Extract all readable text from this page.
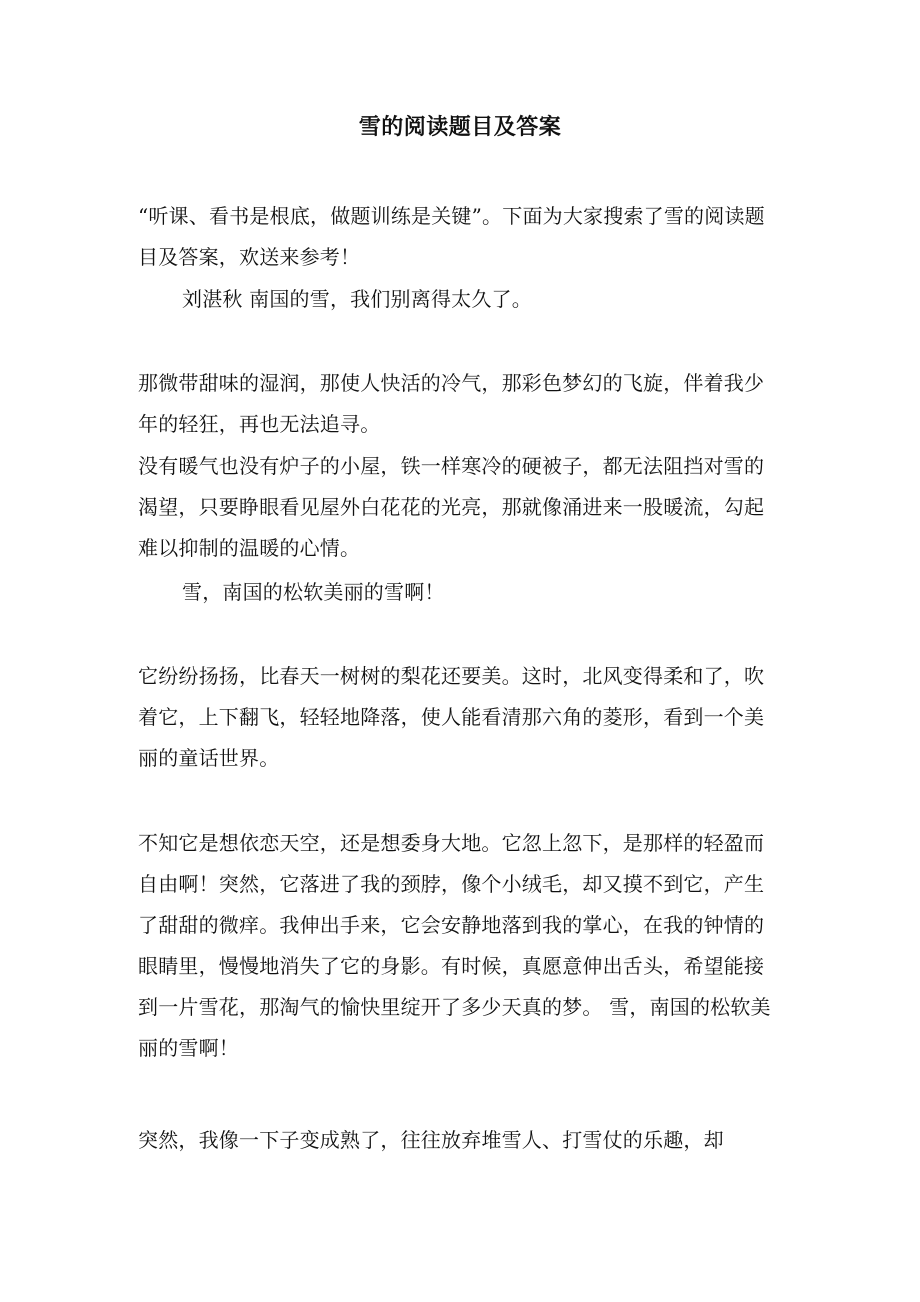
雪的阅读题目及答案

“听课、看书是根底，做题训练是关键”。下面为大家搜索了雪的阅读题目及答案，欢送来参考！

刘湛秋 南国的雪，我们别离得太久了。

那微带甜味的湿润，那使人快活的冷气，那彩色梦幻的飞旋，伴着我少年的轻狂，再也无法追寻。

没有暖气也没有炉子的小屋，铁一样寒冷的硬被子，都无法阻挡对雪的渴望，只要睁眼看见屋外白花花的光亮，那就像涌进来一股暖流，勾起难以抑制的温暖的心情。

雪，南国的松软美丽的雪啊！

它纷纷扬扬，比春天一树树的梨花还要美。这时，北风变得柔和了，吹着它，上下翻飞，轻轻地降落，使人能看清那六角的菱形，看到一个美丽的童话世界。

不知它是想依恋天空，还是想委身大地。它忽上忽下，是那样的轻盈而自由啊！突然，它落进了我的颈脖，像个小绒毛，却又摸不到它，产生了甜甜的微痒。我伸出手来，它会安静地落到我的掌心，在我的钟情的眼睛里，慢慢地消失了它的身影。有时候，真愿意伸出舌头，希望能接到一片雪花，那淘气的愉快里绽开了多少天真的梦。 雪，南国的松软美丽的雪啊！

突然，我像一下子变成熟了，往往放弃堆雪人、打雪仗的乐趣，却
